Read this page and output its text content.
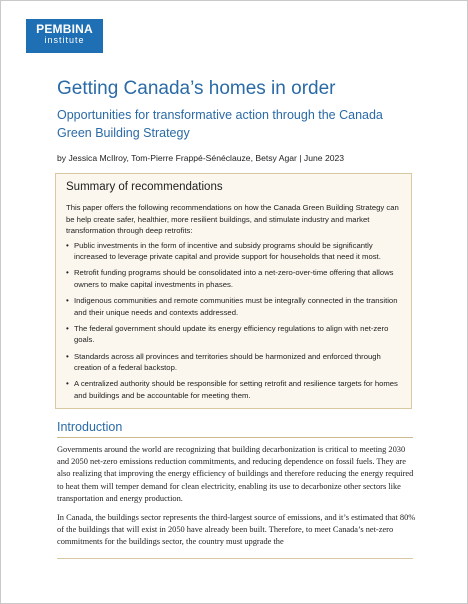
PEMBINA
institute
Getting Canada’s homes in order
Opportunities for transformative action through the Canada Green Building Strategy
by Jessica McIlroy, Tom-Pierre Frappé-Sénéclauze, Betsy Agar | June 2023
Summary of recommendations

This paper offers the following recommendations on how the Canada Green Building Strategy can be help create safer, healthier, more resilient buildings, and stimulate industry and market transformation through deep retrofits:

• Public investments in the form of incentive and subsidy programs should be significantly increased to leverage private capital and provide support for households that need it most.
• Retrofit funding programs should be consolidated into a net-zero-over-time offering that allows owners to make capital investments in phases.
• Indigenous communities and remote communities must be integrally connected in the transition and their unique needs and contexts addressed.
• The federal government should update its energy efficiency regulations to align with net-zero goals.
• Standards across all provinces and territories should be harmonized and enforced through creation of a federal backstop.
• A centralized authority should be responsible for setting retrofit and resilience targets for homes and buildings and be accountable for meeting them.
Introduction

Governments around the world are recognizing that building decarbonization is critical to meeting 2030 and 2050 net-zero emissions reduction commitments, and reducing dependence on fossil fuels. They are also realizing that improving the energy efficiency of buildings and therefore reducing the energy required to heat them will temper demand for clean electricity, enabling its use to decarbonize other sectors like transportation and energy production.

In Canada, the buildings sector represents the third-largest source of emissions, and it’s estimated that 80% of the buildings that will exist in 2050 have already been built. Therefore, to meet Canada’s net-zero commitments for the buildings sector, the country must upgrade the
